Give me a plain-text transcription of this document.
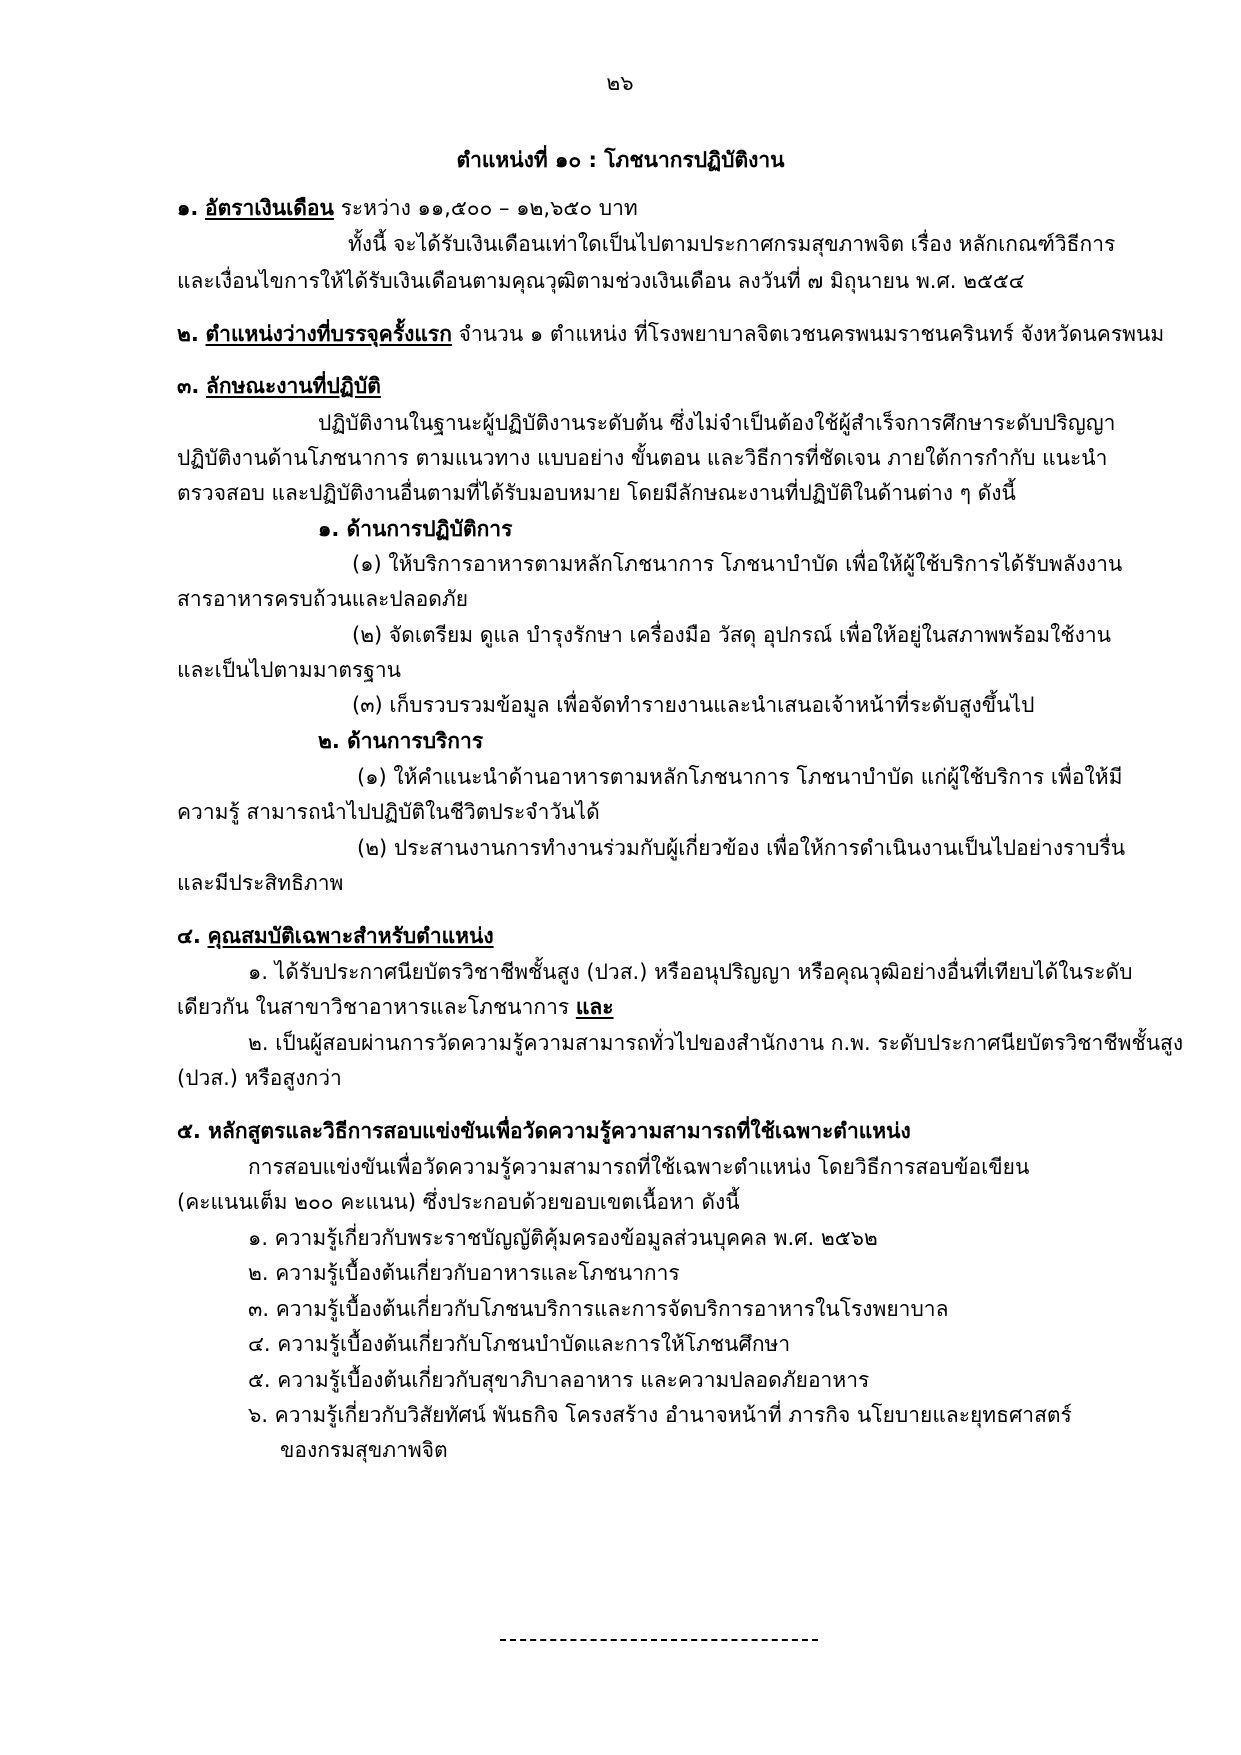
๒๖
ตำแหน่งที่ ๑๐ : โภชนากรปฏิบัติงาน
๑. อัตราเงินเดือน ระหว่าง ๑๑,๕๐๐ – ๑๒,๖๕๐ บาท
ทั้งนี้ จะได้รับเงินเดือนเท่าใดเป็นไปตามประกาศกรมสุขภาพจิต เรื่อง หลักเกณฑ์วิธีการ
และเงื่อนไขการให้ได้รับเงินเดือนตามคุณวุฒิตามช่วงเงินเดือน ลงวันที่ ๗ มิถุนายน พ.ศ. ๒๕๕๔
๒. ตำแหน่งว่างที่บรรจุครั้งแรก จำนวน ๑ ตำแหน่ง ที่โรงพยาบาลจิตเวชนครพนมราชนครินทร์ จังหวัดนครพนม
๓. ลักษณะงานที่ปฏิบัติ
ปฏิบัติงานในฐานะผู้ปฏิบัติงานระดับต้น ซึ่งไม่จำเป็นต้องใช้ผู้สำเร็จการศึกษาระดับปริญญา
ปฏิบัติงานด้านโภชนาการ ตามแนวทาง แบบอย่าง ขั้นตอน และวิธีการที่ชัดเจน ภายใต้การกำกับ แนะนำ
ตรวจสอบ และปฏิบัติงานอื่นตามที่ได้รับมอบหมาย โดยมีลักษณะงานที่ปฏิบัติในด้านต่าง ๆ ดังนี้
๑. ด้านการปฏิบัติการ
(๑) ให้บริการอาหารตามหลักโภชนาการ โภชนาบำบัด เพื่อให้ผู้ใช้บริการได้รับพลังงาน
สารอาหารครบถ้วนและปลอดภัย
(๒) จัดเตรียม ดูแล บำรุงรักษา เครื่องมือ วัสดุ อุปกรณ์ เพื่อให้อยู่ในสภาพพร้อมใช้งาน
และเป็นไปตามมาตรฐาน
(๓) เก็บรวบรวมข้อมูล เพื่อจัดทำรายงานและนำเสนอเจ้าหน้าที่ระดับสูงขึ้นไป
๒. ด้านการบริการ
(๑) ให้คำแนะนำด้านอาหารตามหลักโภชนาการ โภชนาบำบัด แก่ผู้ใช้บริการ เพื่อให้มี
ความรู้ สามารถนำไปปฏิบัติในชีวิตประจำวันได้
(๒) ประสานงานการทำงานร่วมกับผู้เกี่ยวข้อง เพื่อให้การดำเนินงานเป็นไปอย่างราบรื่น
และมีประสิทธิภาพ
๔. คุณสมบัติเฉพาะสำหรับตำแหน่ง
๑. ได้รับประกาศนียบัตรวิชาชีพชั้นสูง (ปวส.) หรืออนุปริญญา หรือคุณวุฒิอย่างอื่นที่เทียบได้ในระดับ
เดียวกัน ในสาขาวิชาอาหารและโภชนาการ และ
๒. เป็นผู้สอบผ่านการวัดความรู้ความสามารถทั่วไปของสำนักงาน ก.พ. ระดับประกาศนียบัตรวิชาชีพชั้นสูง
(ปวส.) หรือสูงกว่า
๕. หลักสูตรและวิธีการสอบแข่งขันเพื่อวัดความรู้ความสามารถที่ใช้เฉพาะตำแหน่ง
การสอบแข่งขันเพื่อวัดความรู้ความสามารถที่ใช้เฉพาะตำแหน่ง โดยวิธีการสอบข้อเขียน
(คะแนนเต็ม ๒๐๐ คะแนน) ซึ่งประกอบด้วยขอบเขตเนื้อหา ดังนี้
๑. ความรู้เกี่ยวกับพระราชบัญญัติคุ้มครองข้อมูลส่วนบุคคล พ.ศ. ๒๕๖๒
๒. ความรู้เบื้องต้นเกี่ยวกับอาหารและโภชนาการ
๓. ความรู้เบื้องต้นเกี่ยวกับโภชนบริการและการจัดบริการอาหารในโรงพยาบาล
๔. ความรู้เบื้องต้นเกี่ยวกับโภชนบำบัดและการให้โภชนศึกษา
๕. ความรู้เบื้องต้นเกี่ยวกับสุขาภิบาลอาหาร และความปลอดภัยอาหาร
๖. ความรู้เกี่ยวกับวิสัยทัศน์ พันธกิจ โครงสร้าง อำนาจหน้าที่ ภารกิจ นโยบายและยุทธศาสตร์
ของกรมสุขภาพจิต
